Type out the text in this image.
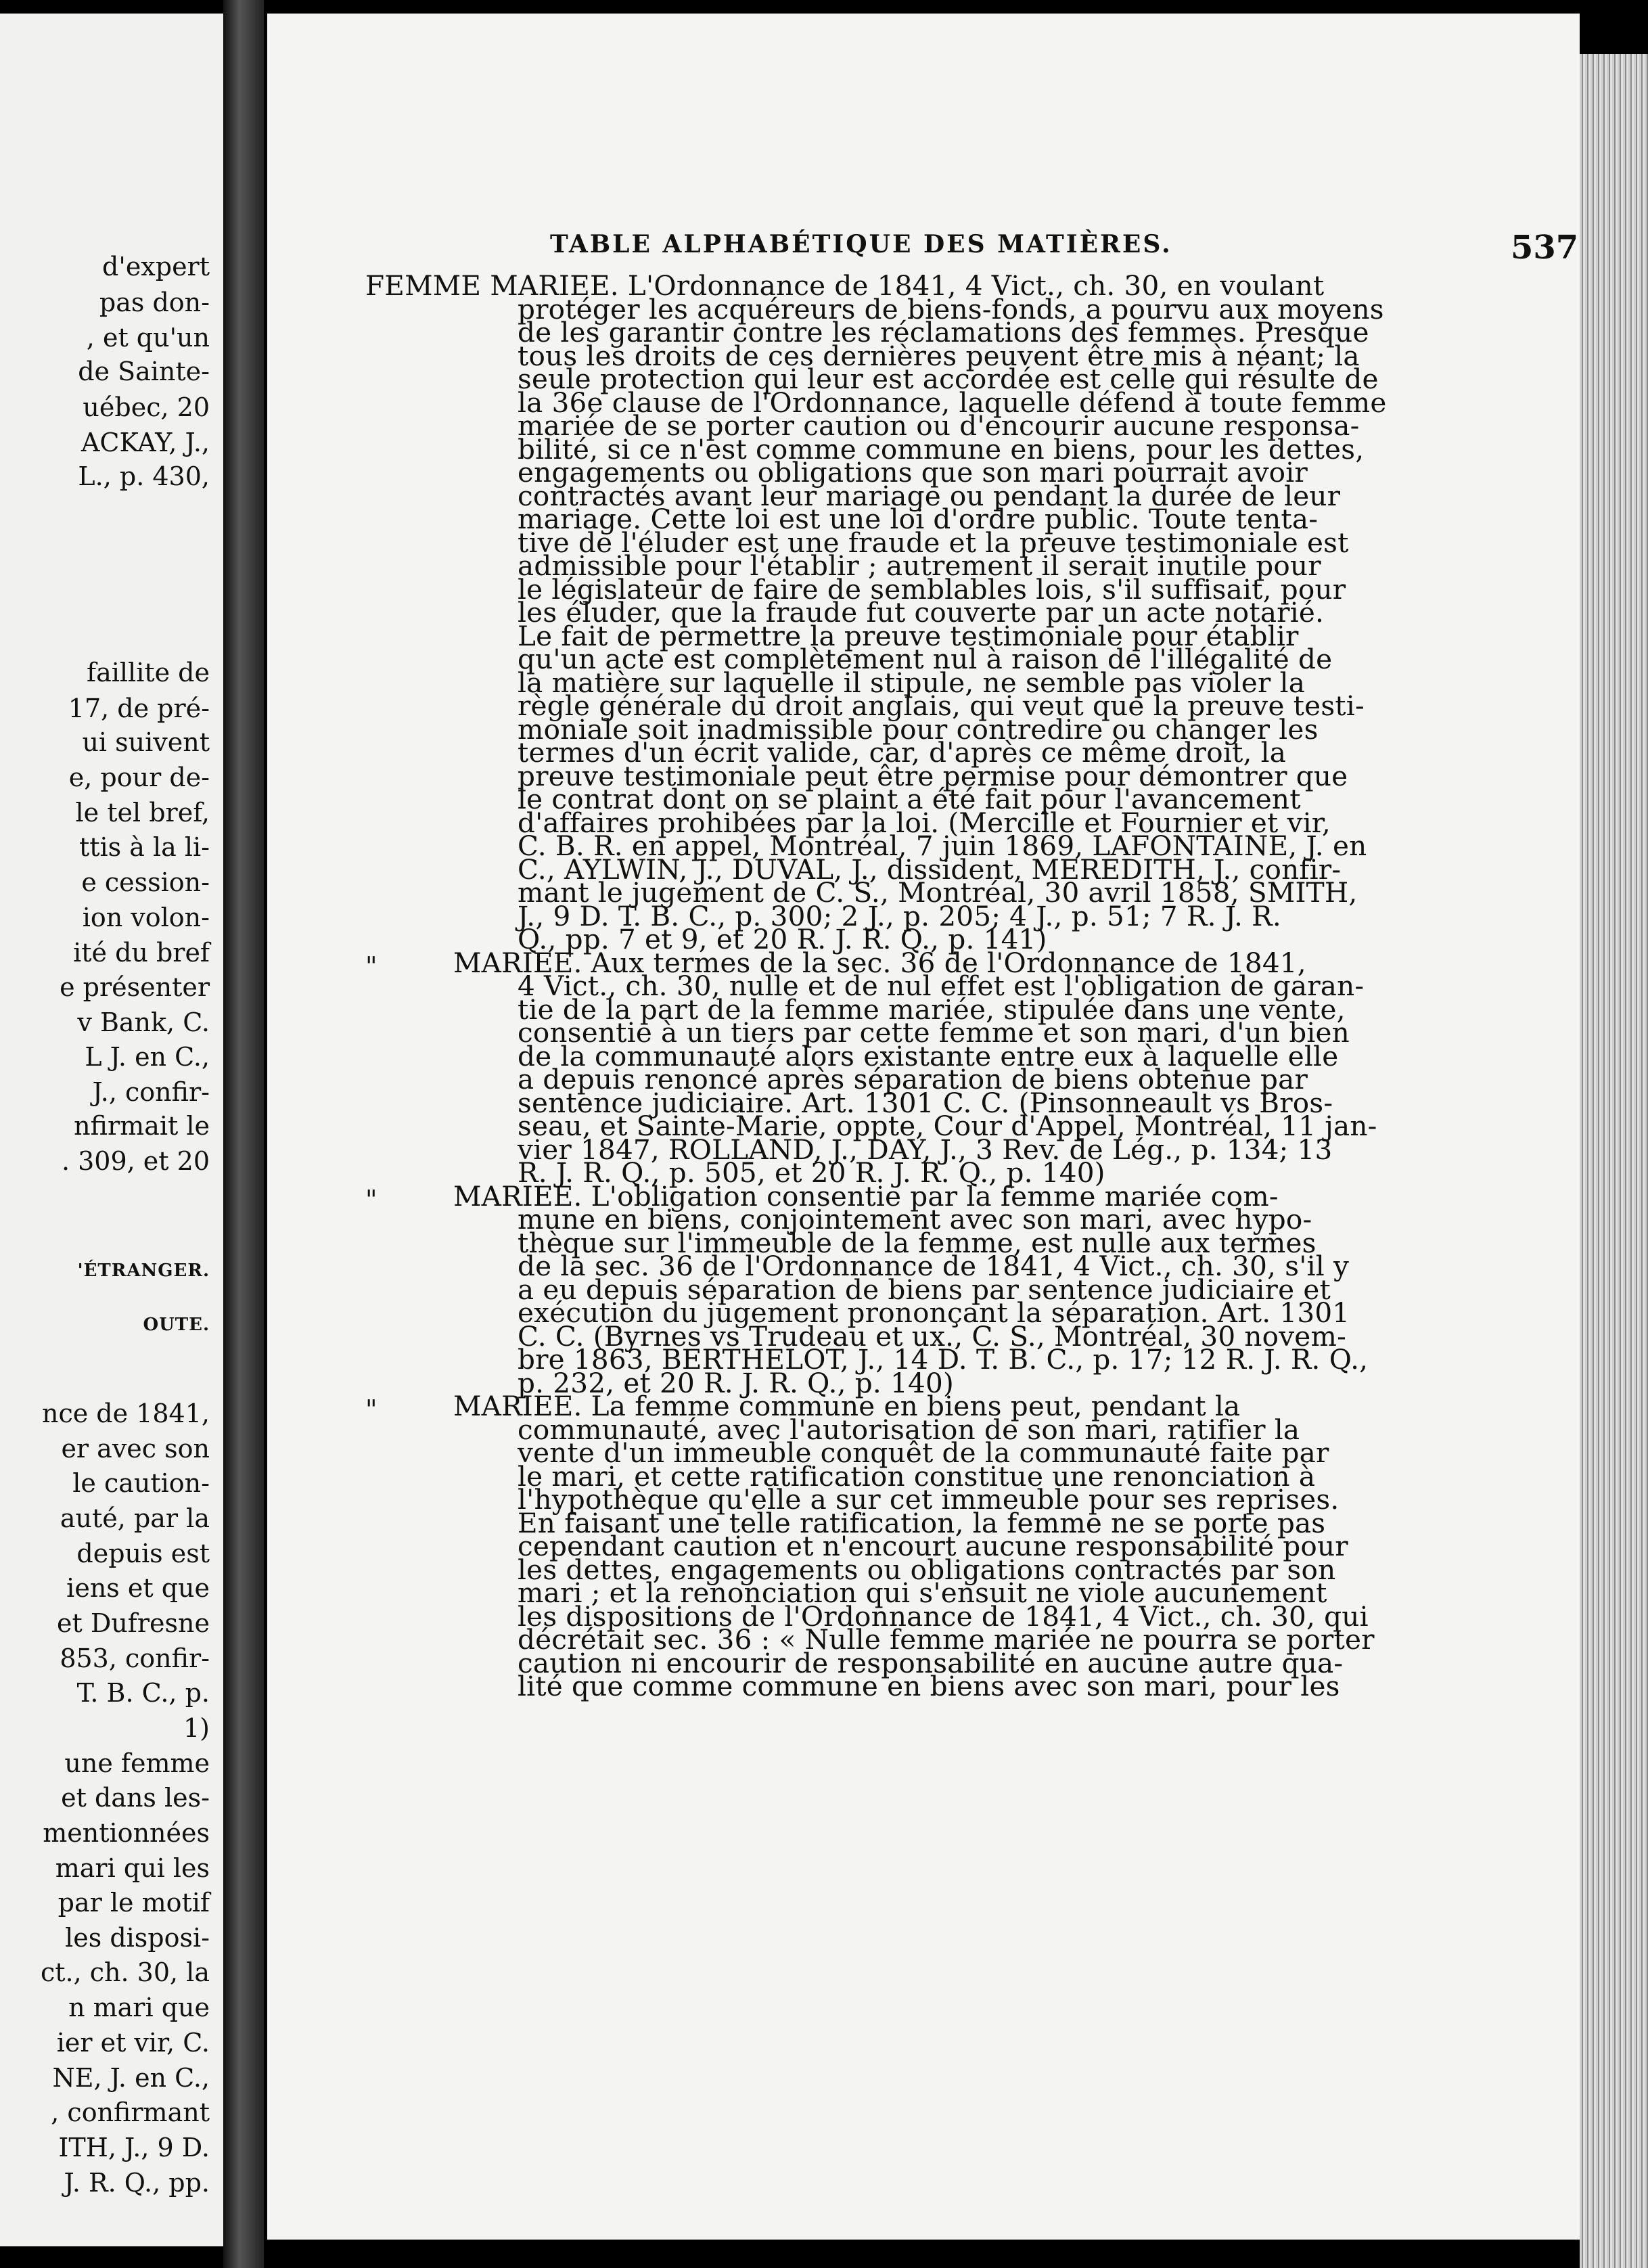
d'expert
pas don-
, et qu'un
de Sainte-
uébec, 20
ACKAY, J.,
L., p. 430,
faillite de
17, de pré-
ui suivent
e, pour de-
le tel bref,
ttis à la li-
e cession-
ion volon-
ité du bref
e présenter
v Bank, C.
L J. en C.,
J., confir-
nfirmait le
. 309, et 20
'ÉTRANGER.
OUTE.
nce de 1841,
er avec son
le caution-
auté, par la
depuis est
iens et que
et Dufresne
853, confir-
T. B. C., p.
1)
une femme
et dans les-
mentionnées
mari qui les
par le motif
les disposi-
ct., ch. 30, la
n mari que
ier et vir, C.
NE, J. en C.,
, confirmant
ITH, J., 9 D.
J. R. Q., pp.
TABLE ALPHABÉTIQUE DES MATIÈRES.	537
FEMME MARIEE. L'Ordonnance de 1841, 4 Vict., ch. 30, en voulant
protéger les acquéreurs de biens-fonds, a pourvu aux moyens
de les garantir contre les réclamations des femmes. Presque
tous les droits de ces dernières peuvent être mis à néant; la
seule protection qui leur est accordée est celle qui résulte de
la 36e clause de l'Ordonnance, laquelle défend à toute femme
mariée de se porter caution ou d'encourir aucune responsa-
bilité, si ce n'est comme commune en biens, pour les dettes,
engagements ou obligations que son mari pourrait avoir
contractés avant leur mariage ou pendant la durée de leur
mariage. Cette loi est une loi d'ordre public. Toute tenta-
tive de l'éluder est une fraude et la preuve testimoniale est
admissible pour l'établir ; autrement il serait inutile pour
le législateur de faire de semblables lois, s'il suffisait, pour
les éluder, que la fraude fut couverte par un acte notarié.
Le fait de permettre la preuve testimoniale pour établir
qu'un acte est complètement nul à raison de l'illégalité de
la matière sur laquelle il stipule, ne semble pas violer la
règle générale du droit anglais, qui veut que la preuve testi-
moniale soit inadmissible pour contredire ou changer les
termes d'un écrit valide, car, d'après ce même droit, la
preuve testimoniale peut être permise pour démontrer que
le contrat dont on se plaint a été fait pour l'avancement
d'affaires prohibées par la loi. (Mercille et Fournier et vir,
C. B. R. en appel, Montréal, 7 juin 1869, LAFONTAINE, J. en
C., AYLWIN, J., DUVAL, J., dissident, MEREDITH, J., confir-
mant le jugement de C. S., Montréal, 30 avril 1858, SMITH,
J., 9 D. T. B. C., p. 300; 2 J., p. 205; 4 J., p. 51; 7 R. J. R.
Q., pp. 7 et 9, et 20 R. J. R. Q., p. 141)
"	MARIEE. Aux termes de la sec. 36 de l'Ordonnance de 1841,
4 Vict., ch. 30, nulle et de nul effet est l'obligation de garan-
tie de la part de la femme mariée, stipulée dans une vente,
consentie à un tiers par cette femme et son mari, d'un bien
de la communauté alors existante entre eux à laquelle elle
a depuis renoncé après séparation de biens obtenue par
sentence judiciaire. Art. 1301 C. C. (Pinsonneault vs Bros-
seau, et Sainte-Marie, oppte, Cour d'Appel, Montréal, 11 jan-
vier 1847, ROLLAND, J., DAY, J., 3 Rev. de Lég., p. 134; 13
R. J. R. Q., p. 505, et 20 R. J. R. Q., p. 140)
"	MARIEE. L'obligation consentie par la femme mariée com-
mune en biens, conjointement avec son mari, avec hypo-
thèque sur l'immeuble de la femme, est nulle aux termes
de la sec. 36 de l'Ordonnance de 1841, 4 Vict., ch. 30, s'il y
a eu depuis séparation de biens par sentence judiciaire et
exécution du jugement prononçant la séparation. Art. 1301
C. C. (Byrnes vs Trudeau et ux., C. S., Montréal, 30 novem-
bre 1863, BERTHELOT, J., 14 D. T. B. C., p. 17; 12 R. J. R. Q.,
p. 232, et 20 R. J. R. Q., p. 140)
"	MARIEE. La femme commune en biens peut, pendant la
communauté, avec l'autorisation de son mari, ratifier la
vente d'un immeuble conquêt de la communauté faite par
le mari, et cette ratification constitue une renonciation à
l'hypothèque qu'elle a sur cet immeuble pour ses reprises.
En faisant une telle ratification, la femme ne se porte pas
cependant caution et n'encourt aucune responsabilité pour
les dettes, engagements ou obligations contractés par son
mari ; et la renonciation qui s'ensuit ne viole aucunement
les dispositions de l'Ordonnance de 1841, 4 Vict., ch. 30, qui
décrétait sec. 36 : « Nulle femme mariée ne pourra se porter
caution ni encourir de responsabilité en aucune autre qua-
lité que comme commune en biens avec son mari, pour les
